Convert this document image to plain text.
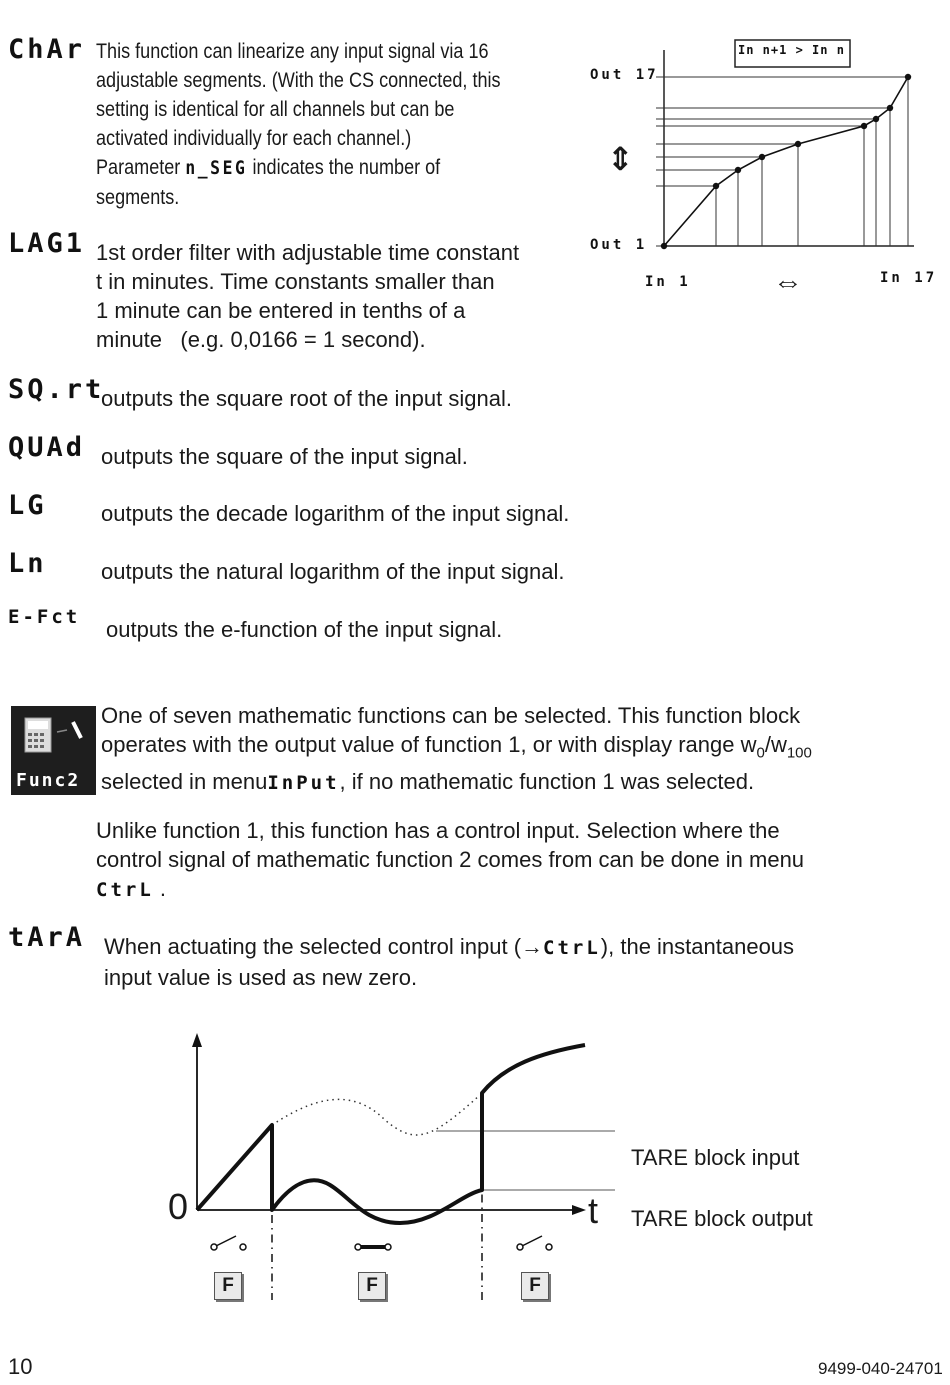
ChAr This function can linearize any input signal via 16
adjustable segments. (With the CS connected, this
setting is identical for all channels but can be
activated individually for each channel.)
Parameter n_SEG indicates the number of
segments.
In n+1 > In n
Out 17
Out 1
In 1	In 17
⇕
⇔
LAG1 1st order filter with adjustable time constant
t in minutes. Time constants smaller than
1 minute can be entered in tenths of a
minute   (e.g. 0,0166 = 1 second).
SQ.rt
outputs the square root of the input signal.
QUAd outputs the square of the input signal.
LG outputs the decade logarithm of the input signal.
Ln outputs the natural logarithm of the input signal.
E-Fct outputs the e-function of the input signal.
Func2
One of seven mathematic functions can be selected. This function block
operates with the output value of function 1, or with display range $w_0/w_{100}$
selected in menuInPut, if no mathematic function 1 was selected.
Unlike function 1, this function has a control input. Selection where the
control signal of mathematic function 2 comes from can be done in menu
CtrL .
tArA When actuating the selected control input (→CtrL), the instantaneous
input value is used as new zero.
0	t
TARE block input
TARE block output
F	F	F
10	9499-040-24701
